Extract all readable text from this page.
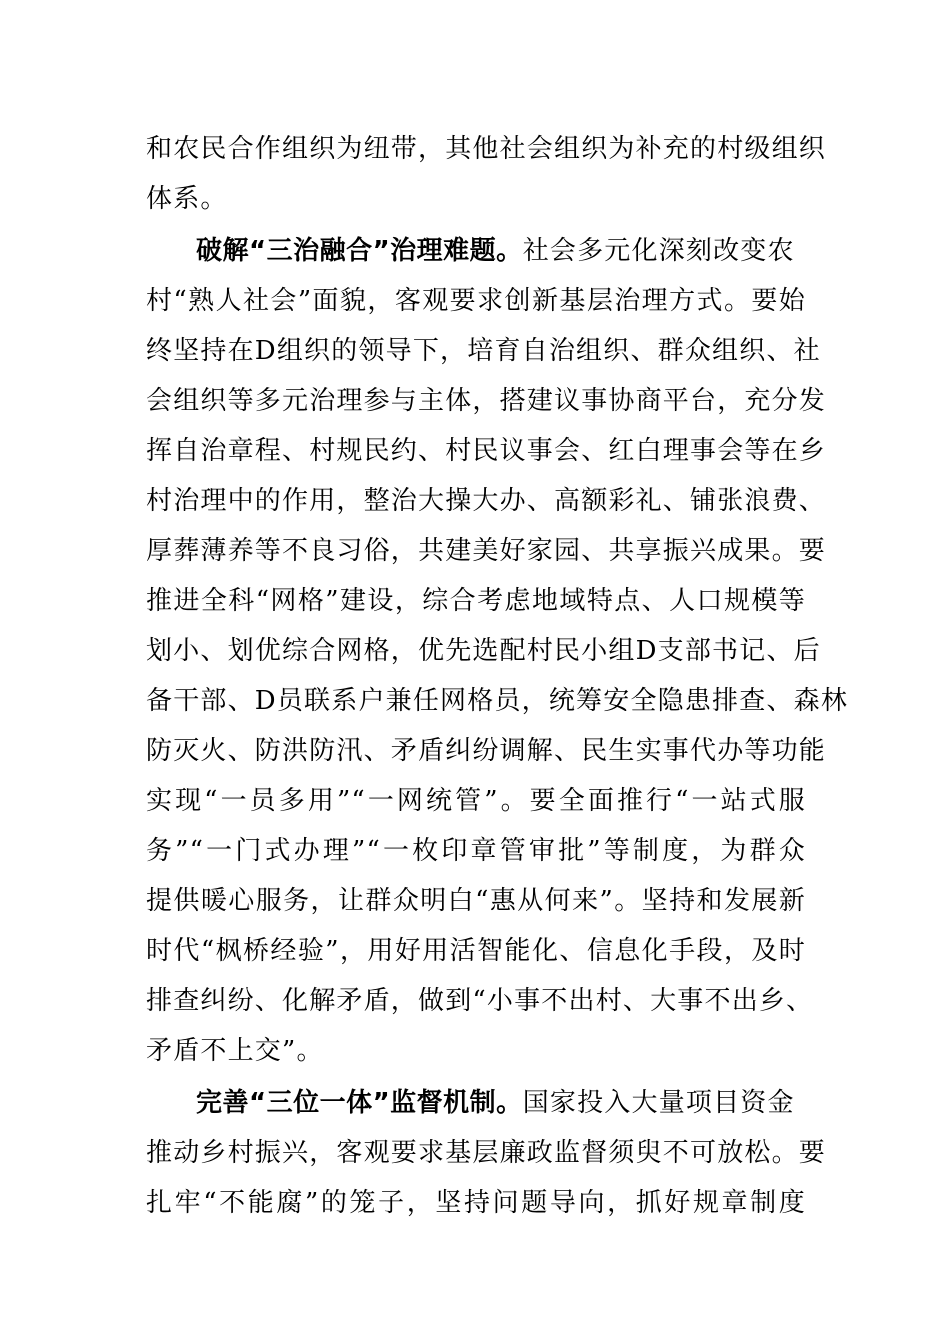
和农民合作组织为纽带，其他社会组织为补充的村级组织
体系。
破解“三治融合”治理难题。社会多元化深刻改变农
村“熟人社会”面貌，客观要求创新基层治理方式。要始
终坚持在D组织的领导下，培育自治组织、群众组织、社
会组织等多元治理参与主体，搭建议事协商平台，充分发
挥自治章程、村规民约、村民议事会、红白理事会等在乡
村治理中的作用，整治大操大办、高额彩礼、铺张浪费、
厚葬薄养等不良习俗，共建美好家园、共享振兴成果。要
推进全科“网格”建设，综合考虑地域特点、人口规模等
划小、划优综合网格，优先选配村民小组D支部书记、后
备干部、D员联系户兼任网格员，统筹安全隐患排查、森林
防灭火、防洪防汛、矛盾纠纷调解、民生实事代办等功能
实现“一员多用”“一网统管”。要全面推行“一站式服
务”“一门式办理”“一枚印章管审批”等制度，为群众
提供暖心服务，让群众明白“惠从何来”。坚持和发展新
时代“枫桥经验”，用好用活智能化、信息化手段，及时
排查纠纷、化解矛盾，做到“小事不出村、大事不出乡、
矛盾不上交”。
完善“三位一体”监督机制。国家投入大量项目资金
推动乡村振兴，客观要求基层廉政监督须臾不可放松。要
扎牢“不能腐”的笼子，坚持问题导向，抓好规章制度
